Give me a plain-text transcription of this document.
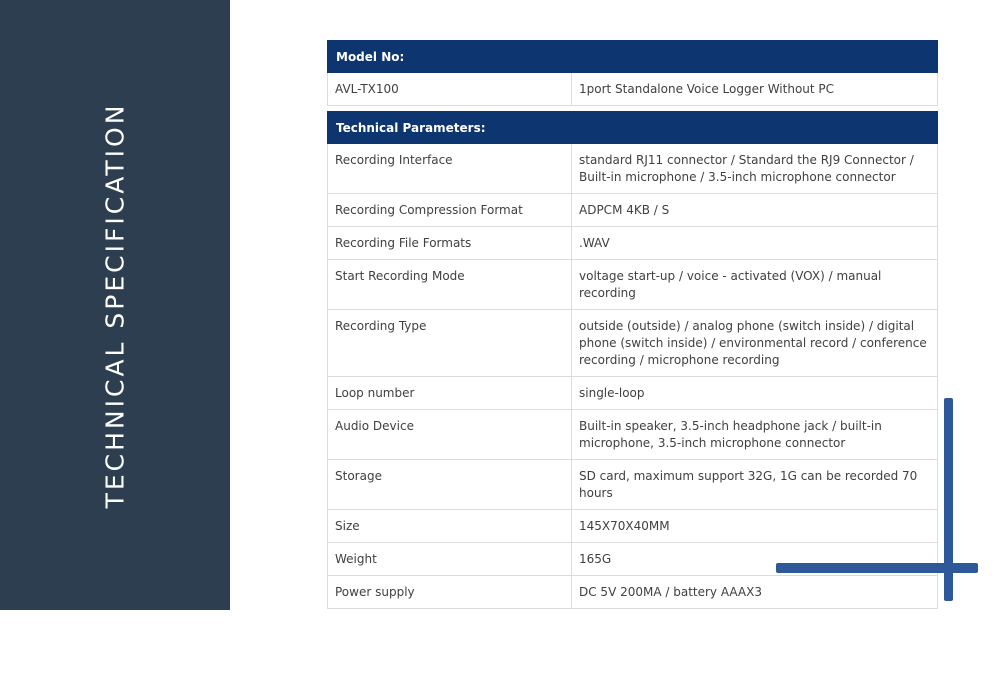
TECHNICAL SPECIFICATION
Model No:
AVL-TX100	1port Standalone Voice Logger Without PC
Technical Parameters:	
Recording Interface	standard RJ11 connector / Standard the RJ9 Connector / Built-in microphone / 3.5-inch microphone connector
Recording Compression Format	ADPCM 4KB / S
Recording File Formats	.WAV
Start Recording Mode	voltage start-up / voice - activated (VOX) / manual recording
Recording Type	outside (outside) / analog phone (switch inside) / digital phone (switch inside) / environmental record / conference recording / microphone recording
Loop number	single-loop
Audio Device	Built-in speaker, 3.5-inch headphone jack / built-in microphone, 3.5-inch microphone connector
Storage	SD card, maximum support 32G, 1G can be recorded 70 hours
Size	145X70X40MM
Weight	165G
Power supply	DC 5V 200MA / battery AAAX3
